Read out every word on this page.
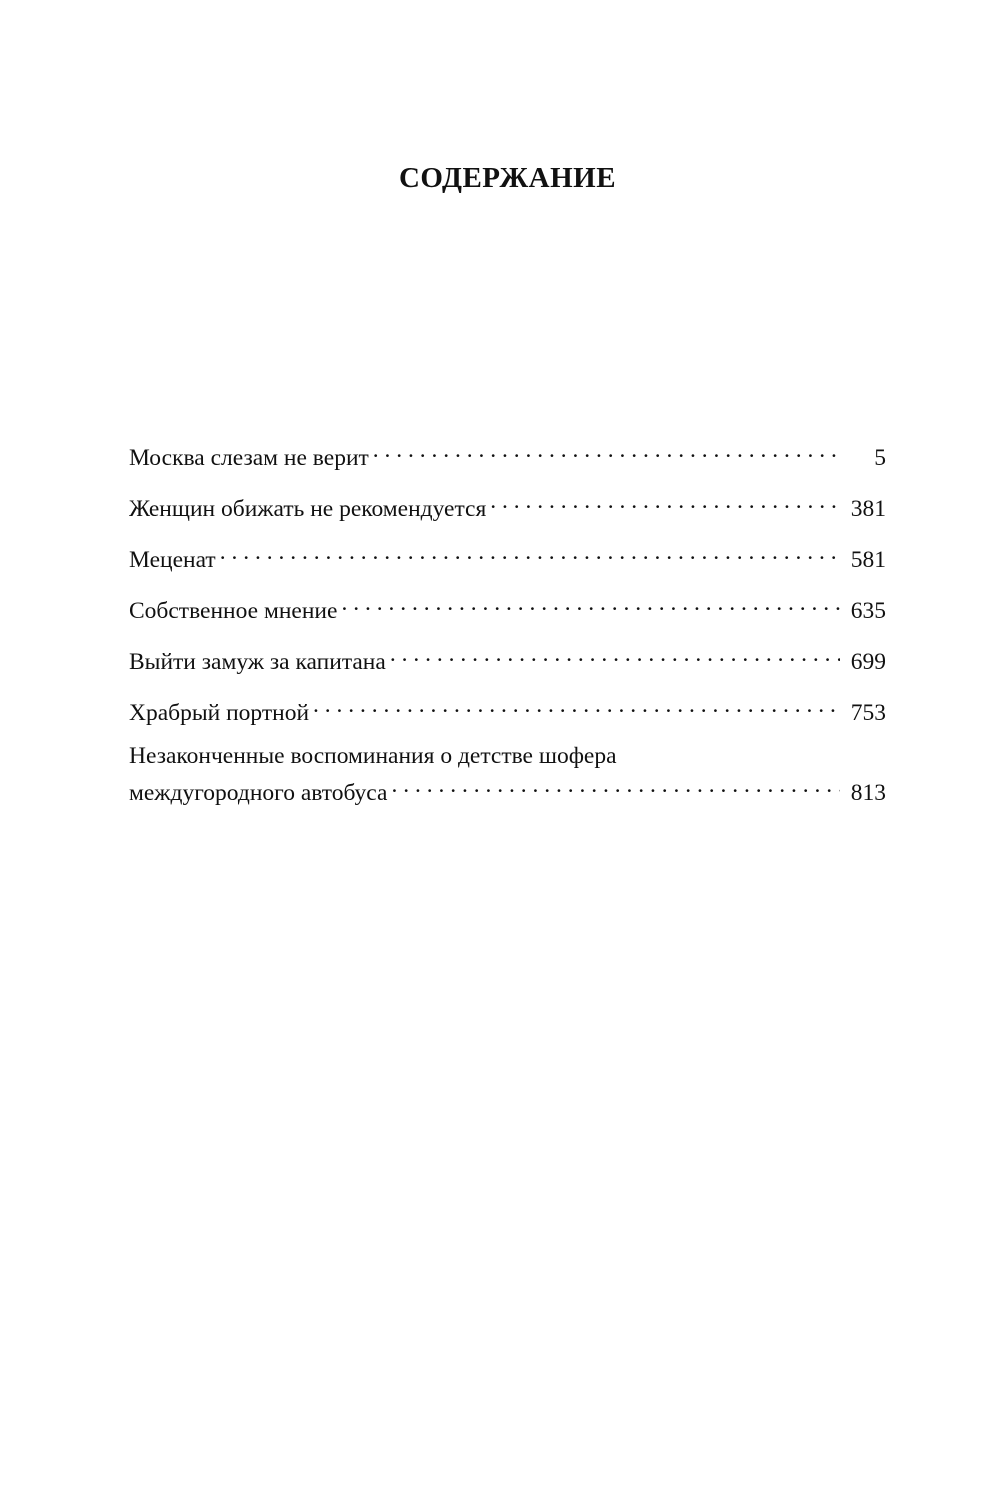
СОДЕРЖАНИЕ
Москва слезам не верит . . .	5
Женщин обижать не рекомендуется . . .	381
Меценат . . .	581
Собственное мнение . . .	635
Выйти замуж за капитана . . .	699
Храбрый портной . . .	753
Незаконченные воспоминания о детстве шофера
междугородного автобуса . . .	813
